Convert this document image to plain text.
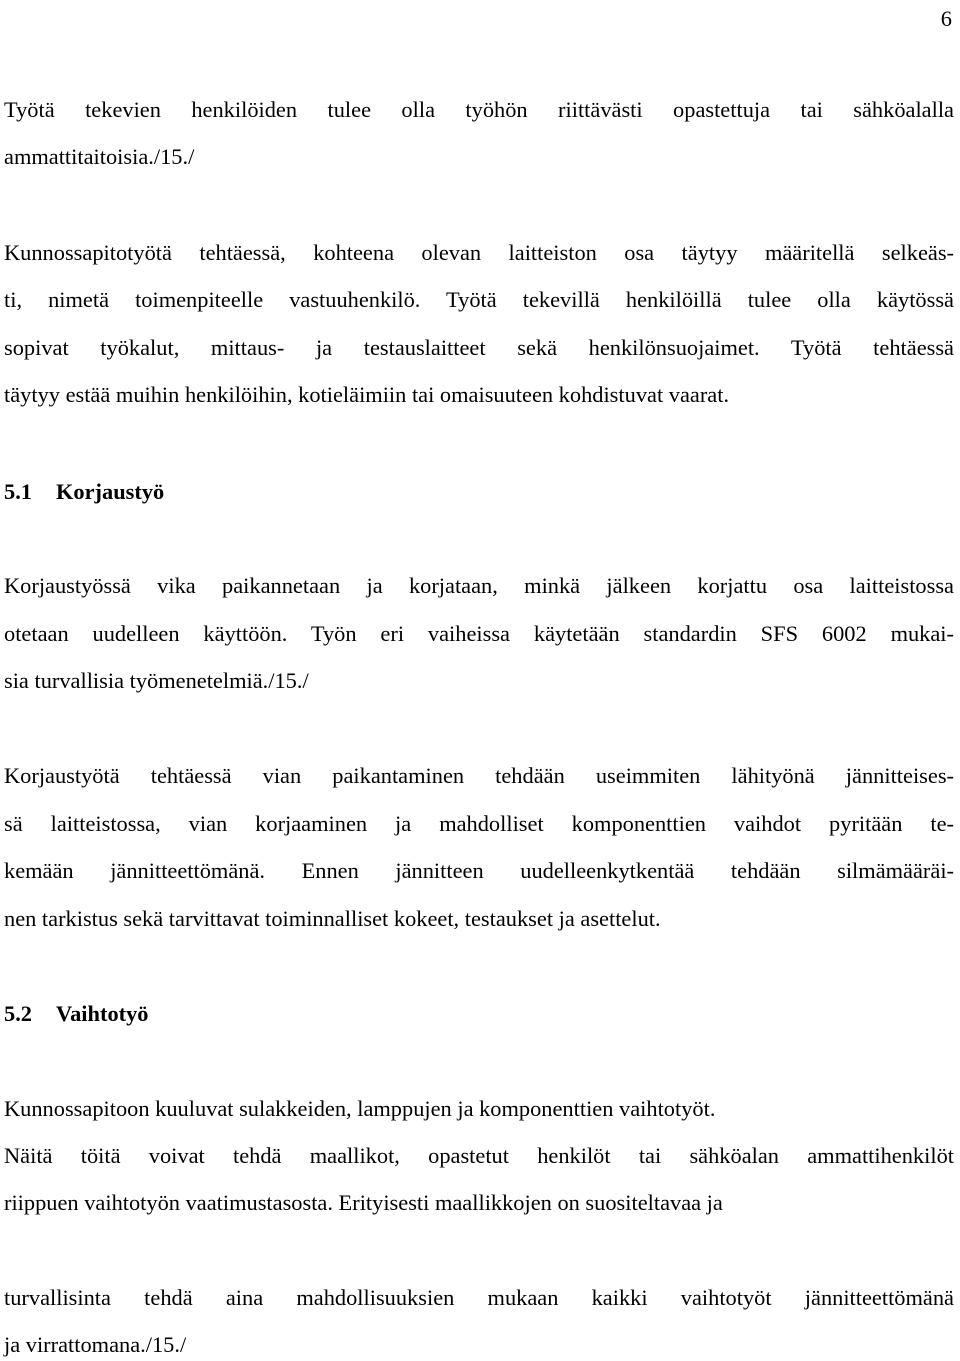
6
Työtä tekevien henkilöiden tulee olla työhön riittävästi opastettuja tai sähköalalla
ammattitaitoisia./15./
Kunnossapitotyötä tehtäessä, kohteena olevan laitteiston osa täytyy määritellä selkeäs-
ti, nimetä toimenpiteelle vastuuhenkilö. Työtä tekevillä henkilöillä tulee olla käytössä
sopivat työkalut, mittaus- ja testauslaitteet sekä henkilönsuojaimet. Työtä tehtäessä
täytyy estää muihin henkilöihin, kotieläimiin tai omaisuuteen kohdistuvat vaarat.
5.1 Korjaustyö
Korjaustyössä vika paikannetaan ja korjataan, minkä jälkeen korjattu osa laitteistossa
otetaan uudelleen käyttöön. Työn eri vaiheissa käytetään standardin SFS 6002 mukai-
sia turvallisia työmenetelmiä./15./
Korjaustyötä tehtäessä vian paikantaminen tehdään useimmiten lähityönä jännitteises-
sä laitteistossa, vian korjaaminen ja mahdolliset komponenttien vaihdot pyritään te-
kemään jännitteettömänä. Ennen jännitteen uudelleenkytkentää tehdään silmämääräi-
nen tarkistus sekä tarvittavat toiminnalliset kokeet, testaukset ja asettelut.
5.2 Vaihtotyö
Kunnossapitoon kuuluvat sulakkeiden, lamppujen ja komponenttien vaihtotyöt.
Näitä töitä voivat tehdä maallikot, opastetut henkilöt tai sähköalan ammattihenkilöt
riippuen vaihtotyön vaatimustasosta. Erityisesti maallikkojen on suositeltavaa ja
turvallisinta tehdä aina mahdollisuuksien mukaan kaikki vaihtotyöt jännitteettömänä
ja virrattomana./15./
